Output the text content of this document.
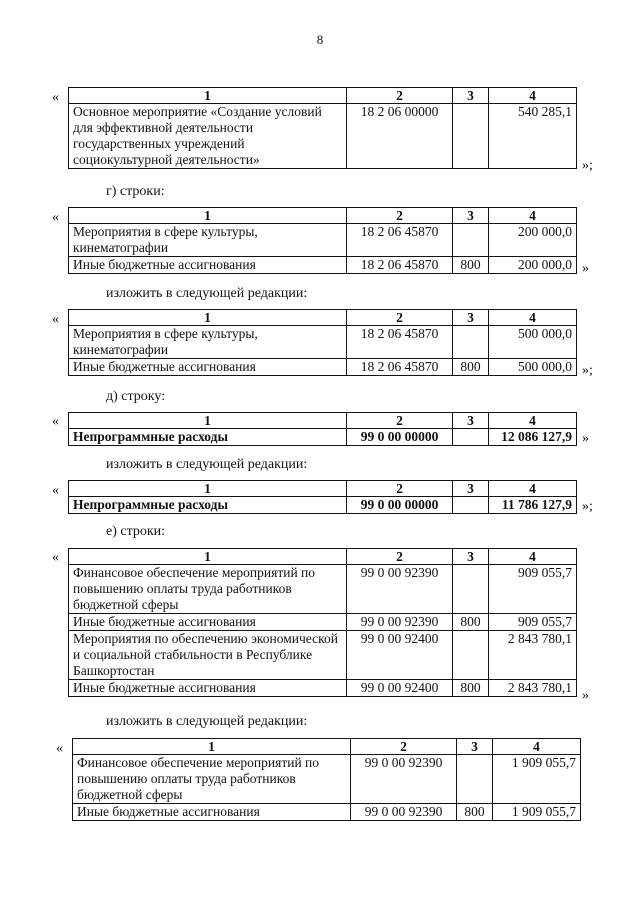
8
«	1	2	3	4
Основное мероприятие «Создание условий для эффективной деятельности государственных учреждений социокультурной деятельности»	18 2 06 00000		540 285,1
»;
г) строки:
«	1	2	3	4
Мероприятия в сфере культуры, кинематографии	18 2 06 45870		200 000,0
Иные бюджетные ассигнования	18 2 06 45870	800	200 000,0 »
изложить в следующей редакции:
«	1	2	3	4
Мероприятия в сфере культуры, кинематографии	18 2 06 45870		500 000,0
Иные бюджетные ассигнования	18 2 06 45870	800	500 000,0 »;
д) строку:
«	1	2	3	4
Непрограммные расходы	99 0 00 00000		12 086 127,9 »
изложить в следующей редакции:
«	1	2	3	4
Непрограммные расходы	99 0 00 00000		11 786 127,9 »;
е) строки:
«	1	2	3	4
Финансовое обеспечение мероприятий по повышению оплаты труда работников бюджетной сферы	99 0 00 92390		909 055,7
Иные бюджетные ассигнования	99 0 00 92390	800	909 055,7
Мероприятия по обеспечению экономической и социальной стабильности в Республике Башкортостан	99 0 00 92400		2 843 780,1
Иные бюджетные ассигнования	99 0 00 92400	800	2 843 780,1
»
изложить в следующей редакции:
«	1	2	3	4
Финансовое обеспечение мероприятий по повышению оплаты труда работников бюджетной сферы	99 0 00 92390		1 909 055,7
Иные бюджетные ассигнования	99 0 00 92390	800	1 909 055,7
